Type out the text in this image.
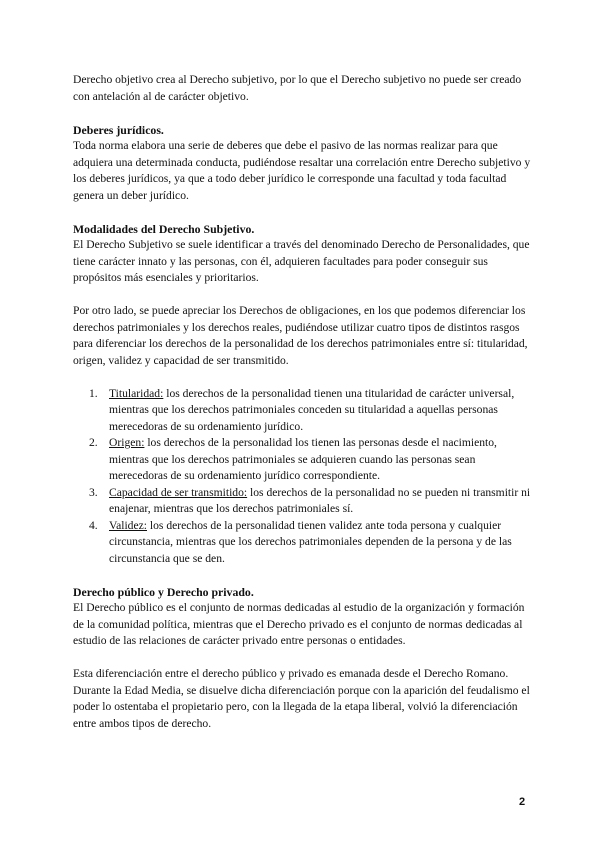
Derecho objetivo crea al Derecho subjetivo, por lo que el Derecho subjetivo no puede ser creado con antelación al de carácter objetivo.

Deberes jurídicos.

Toda norma elabora una serie de deberes que debe el pasivo de las normas realizar para que adquiera una determinada conducta, pudiéndose resaltar una correlación entre Derecho subjetivo y los deberes jurídicos, ya que a todo deber jurídico le corresponde una facultad y toda facultad genera un deber jurídico.

Modalidades del Derecho Subjetivo.

El Derecho Subjetivo se suele identificar a través del denominado Derecho de Personalidades, que tiene carácter innato y las personas, con él, adquieren facultades para poder conseguir sus propósitos más esenciales y prioritarios.

Por otro lado, se puede apreciar los Derechos de obligaciones, en los que podemos diferenciar los derechos patrimoniales y los derechos reales, pudiéndose utilizar cuatro tipos de distintos rasgos para diferenciar los derechos de la personalidad de los derechos patrimoniales entre sí: titularidad, origen, validez y capacidad de ser transmitido.

1. Titularidad: los derechos de la personalidad tienen una titularidad de carácter universal, mientras que los derechos patrimoniales conceden su titularidad a aquellas personas merecedoras de su ordenamiento jurídico.
2. Origen: los derechos de la personalidad los tienen las personas desde el nacimiento, mientras que los derechos patrimoniales se adquieren cuando las personas sean merecedoras de su ordenamiento jurídico correspondiente.
3. Capacidad de ser transmitido: los derechos de la personalidad no se pueden ni transmitir ni enajenar, mientras que los derechos patrimoniales sí.
4. Validez: los derechos de la personalidad tienen validez ante toda persona y cualquier circunstancia, mientras que los derechos patrimoniales dependen de la persona y de las circunstancia que se den.
Derecho público y Derecho privado.

El Derecho público es el conjunto de normas dedicadas al estudio de la organización y formación de la comunidad política, mientras que el Derecho privado es el conjunto de normas dedicadas al estudio de las relaciones de carácter privado entre personas o entidades.

Esta diferenciación entre el derecho público y privado es emanada desde el Derecho Romano. Durante la Edad Media, se disuelve dicha diferenciación porque con la aparición del feudalismo el poder lo ostentaba el propietario pero, con la llegada de la etapa liberal, volvió la diferenciación entre ambos tipos de derecho.

2
